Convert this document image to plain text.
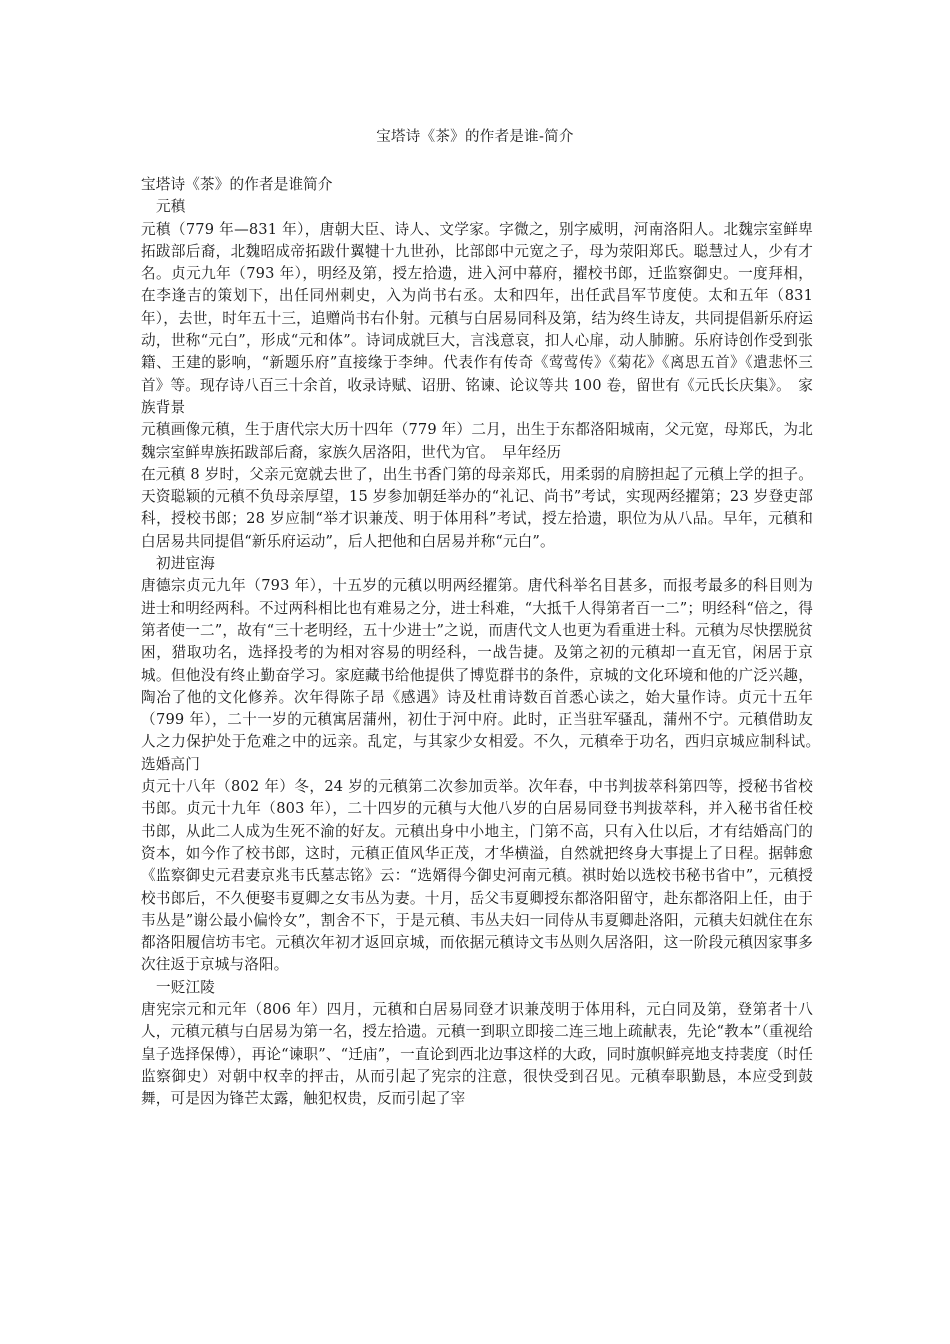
宝塔诗《茶》的作者是谁-简介

宝塔诗《茶》的作者是谁简介

元稹

元稹（779 年—831 年），唐朝大臣、诗人、文学家。字微之，别字威明，河南洛阳人。北魏宗室鲜卑拓跋部后裔，北魏昭成帝拓跋什翼犍十九世孙，比部郎中元宽之子，母为荥阳郑氏。聪慧过人，少有才名。贞元九年（793 年），明经及第，授左拾遗，进入河中幕府，擢校书郎，迁监察御史。一度拜相，在李逢吉的策划下，出任同州刺史，入为尚书右丞。太和四年，出任武昌军节度使。太和五年（831 年），去世，时年五十三，追赠尚书右仆射。元稹与白居易同科及第，结为终生诗友，共同提倡新乐府运动，世称“元白”，形成“元和体”。诗词成就巨大，言浅意哀，扣人心扉，动人肺腑。乐府诗创作受到张籍、王建的影响，“新题乐府”直接缘于李绅。代表作有传奇《莺莺传》《菊花》《离思五首》《遣悲怀三首》等。现存诗八百三十余首，收录诗赋、诏册、铭谏、论议等共 100 卷，留世有《元氏长庆集》。　家族背景

元稹画像元稹，生于唐代宗大历十四年（779 年）二月，出生于东都洛阳城南，父元宽，母郑氏，为北魏宗室鲜卑族拓跋部后裔，家族久居洛阳，世代为官。　早年经历

在元稹 8 岁时，父亲元宽就去世了，出生书香门第的母亲郑氏，用柔弱的肩膀担起了元稹上学的担子。天资聪颖的元稹不负母亲厚望，15 岁参加朝廷举办的“礼记、尚书”考试，实现两经擢第；23 岁登吏部科，授校书郎；28 岁应制“举才识兼茂、明于体用科”考试，授左拾遗，职位为从八品。早年，元稹和白居易共同提倡“新乐府运动”，后人把他和白居易并称“元白”。

初进宦海

唐德宗贞元九年（793 年），十五岁的元稹以明两经擢第。唐代科举名目甚多，而报考最多的科目则为进士和明经两科。不过两科相比也有难易之分，进士科难，“大抵千人得第者百一二”；明经科“倍之，得第者使一二”，故有“三十老明经，五十少进士”之说，而唐代文人也更为看重进士科。元稹为尽快摆脱贫困，猎取功名，选择投考的为相对容易的明经科，一战告捷。及第之初的元稹却一直无官，闲居于京城。但他没有终止勤奋学习。家庭藏书给他提供了博览群书的条件，京城的文化环境和他的广泛兴趣，陶冶了他的文化修养。次年得陈子昂《感遇》诗及杜甫诗数百首悉心读之，始大量作诗。贞元十五年（799 年），二十一岁的元稹寓居蒲州，初仕于河中府。此时，正当驻军骚乱，蒲州不宁。元稹借助友人之力保护处于危难之中的远亲。乱定，与其家少女相爱。不久，元稹牵于功名，西归京城应制科试。　选婚高门

贞元十八年（802 年）冬，24 岁的元稹第二次参加贡举。次年春，中书判拔萃科第四等，授秘书省校书郎。贞元十九年（803 年），二十四岁的元稹与大他八岁的白居易同登书判拔萃科，并入秘书省任校书郎，从此二人成为生死不渝的好友。元稹出身中小地主，门第不高，只有入仕以后，才有结婚高门的资本，如今作了校书郎，这时，元稹正值风华正茂，才华横溢，自然就把终身大事提上了日程。据韩愈《监察御史元君妻京兆韦氏墓志铭》云：“选婿得今御史河南元稹。祺时始以选校书秘书省中”，元稹授校书郎后，不久便娶韦夏卿之女韦丛为妻。十月，岳父韦夏卿授东都洛阳留守，赴东都洛阳上任，由于韦丛是”谢公最小偏怜女”，割舍不下，于是元稹、韦丛夫妇一同侍从韦夏卿赴洛阳，元稹夫妇就住在东都洛阳履信坊韦宅。元稹次年初才返回京城，而依据元稹诗文韦丛则久居洛阳，这一阶段元稹因家事多次往返于京城与洛阳。

一贬江陵

唐宪宗元和元年（806 年）四月，元稹和白居易同登才识兼茂明于体用科，元白同及第，登第者十八人，元稹元稹与白居易为第一名，授左拾遗。元稹一到职立即接二连三地上疏献表，先论“教本”（重视给皇子选择保傅），再论“谏职”、“迁庙”，一直论到西北边事这样的大政，同时旗帜鲜亮地支持裴度（时任监察御史）对朝中权幸的抨击，从而引起了宪宗的注意，很快受到召见。元稹奉职勤恳，本应受到鼓舞，可是因为锋芒太露，触犯权贵，反而引起了宰
